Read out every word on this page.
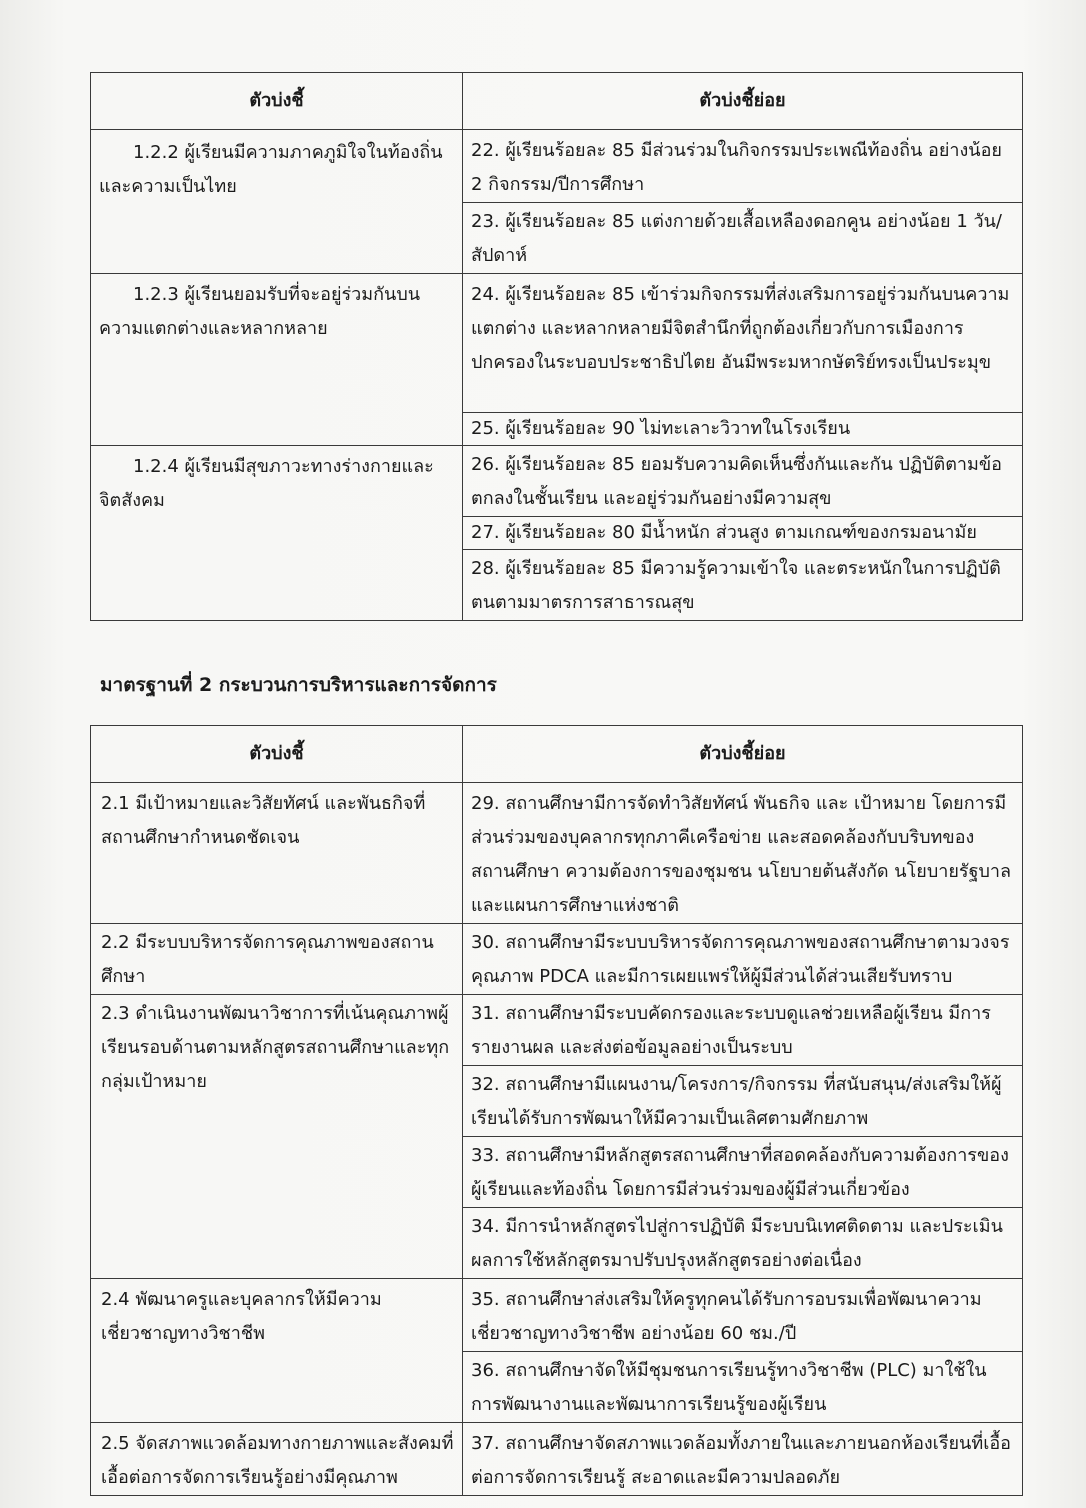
ตัวบ่งชี้	ตัวบ่งชี้ย่อย
1.2.2 ผู้เรียนมีความภาคภูมิใจในท้องถิ่นและความเป็นไทย	22. ผู้เรียนร้อยละ 85 มีส่วนร่วมในกิจกรรมประเพณีท้องถิ่น อย่างน้อย 2 กิจกรรม/ปีการศึกษา
	23. ผู้เรียนร้อยละ 85 แต่งกายด้วยเสื้อเหลืองดอกคูน อย่างน้อย 1 วัน/สัปดาห์
1.2.3 ผู้เรียนยอมรับที่จะอยู่ร่วมกันบนความแตกต่างและหลากหลาย	24. ผู้เรียนร้อยละ 85 เข้าร่วมกิจกรรมที่ส่งเสริมการอยู่ร่วมกันบนความแตกต่าง และหลากหลายมีจิตสำนึกที่ถูกต้องเกี่ยวกับการเมืองการปกครองในระบอบประชาธิปไตย อันมีพระมหากษัตริย์ทรงเป็นประมุข
	25. ผู้เรียนร้อยละ 90 ไม่ทะเลาะวิวาทในโรงเรียน
1.2.4 ผู้เรียนมีสุขภาวะทางร่างกายและจิตสังคม	26. ผู้เรียนร้อยละ 85 ยอมรับความคิดเห็นซึ่งกันและกัน ปฏิบัติตามข้อตกลงในชั้นเรียน และอยู่ร่วมกันอย่างมีความสุข
	27. ผู้เรียนร้อยละ 80 มีน้ำหนัก ส่วนสูง ตามเกณฑ์ของกรมอนามัย
	28. ผู้เรียนร้อยละ 85 มีความรู้ความเข้าใจ และตระหนักในการปฏิบัติตนตามมาตรการสาธารณสุข
มาตรฐานที่ 2 กระบวนการบริหารและการจัดการ
ตัวบ่งชี้	ตัวบ่งชี้ย่อย
2.1 มีเป้าหมายและวิสัยทัศน์ และพันธกิจที่สถานศึกษากำหนดชัดเจน	29. สถานศึกษามีการจัดทำวิสัยทัศน์ พันธกิจ และ เป้าหมาย โดยการมีส่วนร่วมของบุคลากรทุกภาคีเครือข่าย และสอดคล้องกับบริบทของสถานศึกษา ความต้องการของชุมชน นโยบายต้นสังกัด นโยบายรัฐบาล และแผนการศึกษาแห่งชาติ
2.2 มีระบบบริหารจัดการคุณภาพของสถานศึกษา	30. สถานศึกษามีระบบบริหารจัดการคุณภาพของสถานศึกษาตามวงจรคุณภาพ PDCA และมีการเผยแพร่ให้ผู้มีส่วนได้ส่วนเสียรับทราบ
2.3 ดำเนินงานพัฒนาวิชาการที่เน้นคุณภาพผู้เรียนรอบด้านตามหลักสูตรสถานศึกษาและทุกกลุ่มเป้าหมาย	31. สถานศึกษามีระบบคัดกรองและระบบดูแลช่วยเหลือผู้เรียน มีการรายงานผล และส่งต่อข้อมูลอย่างเป็นระบบ
	32. สถานศึกษามีแผนงาน/โครงการ/กิจกรรม ที่สนับสนุน/ส่งเสริมให้ผู้เรียนได้รับการพัฒนาให้มีความเป็นเลิศตามศักยภาพ
	33. สถานศึกษามีหลักสูตรสถานศึกษาที่สอดคล้องกับความต้องการของผู้เรียนและท้องถิ่น โดยการมีส่วนร่วมของผู้มีส่วนเกี่ยวข้อง
	34. มีการนำหลักสูตรไปสู่การปฏิบัติ มีระบบนิเทศติดตาม และประเมินผลการใช้หลักสูตรมาปรับปรุงหลักสูตรอย่างต่อเนื่อง
2.4 พัฒนาครูและบุคลากรให้มีความเชี่ยวชาญทางวิชาชีพ	35. สถานศึกษาส่งเสริมให้ครูทุกคนได้รับการอบรมเพื่อพัฒนาความเชี่ยวชาญทางวิชาชีพ อย่างน้อย 60 ชม./ปี
	36. สถานศึกษาจัดให้มีชุมชนการเรียนรู้ทางวิชาชีพ (PLC) มาใช้ในการพัฒนางานและพัฒนาการเรียนรู้ของผู้เรียน
2.5 จัดสภาพแวดล้อมทางกายภาพและสังคมที่เอื้อต่อการจัดการเรียนรู้อย่างมีคุณภาพ	37. สถานศึกษาจัดสภาพแวดล้อมทั้งภายในและภายนอกห้องเรียนที่เอื้อต่อการจัดการเรียนรู้ สะอาดและมีความปลอดภัย
